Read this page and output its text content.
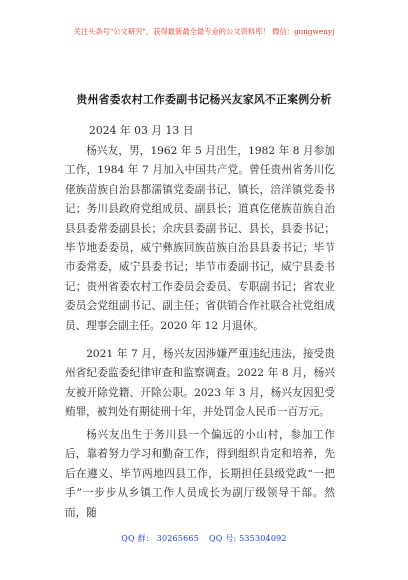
关注头条号"公文研究"，获得最新最全最专业的公文资料库！ 微信：gongwenyj
贵州省委农村工作委副书记杨兴友家风不正案例分析
2024 年 03 月 13 日

杨兴友，男，1962 年 5 月出生，1982 年 8 月参加工作，1984 年 7 月加入中国共产党。曾任贵州省务川仡佬族苗族自治县都濡镇党委副书记、镇长，涪洋镇党委书记；务川县政府党组成员、副县长；道真仡佬族苗族自治县县委常委副县长；余庆县委副书记、县长，县委书记；毕节地委委员，威宁彝族回族苗族自治县县委书记；毕节市委常委，威宁县委书记；毕节市委副书记，威宁县委书记；贵州省委农村工作委员会委员、专职副书记；省农业委员会党组副书记、副主任；省供销合作社联合社党组成员、理事会副主任。2020 年 12 月退休。

2021 年 7 月，杨兴友因涉嫌严重违纪违法，接受贵州省纪委监委纪律审查和监察调查。2022 年 8 月，杨兴友被开除党籍、开除公职。2023 年 3 月，杨兴友因犯受贿罪，被判处有期徒刑十年，并处罚金人民币一百万元。

杨兴友出生于务川县一个偏远的小山村，参加工作后，靠着努力学习和勤奋工作，得到组织肯定和培养，先后在遵义、毕节两地四县工作，长期担任县级党政“一把手”一步步从乡镇工作人员成长为副厅级领导干部。然而，随

QQ 群： 30265665 QQ 号: 535304092
